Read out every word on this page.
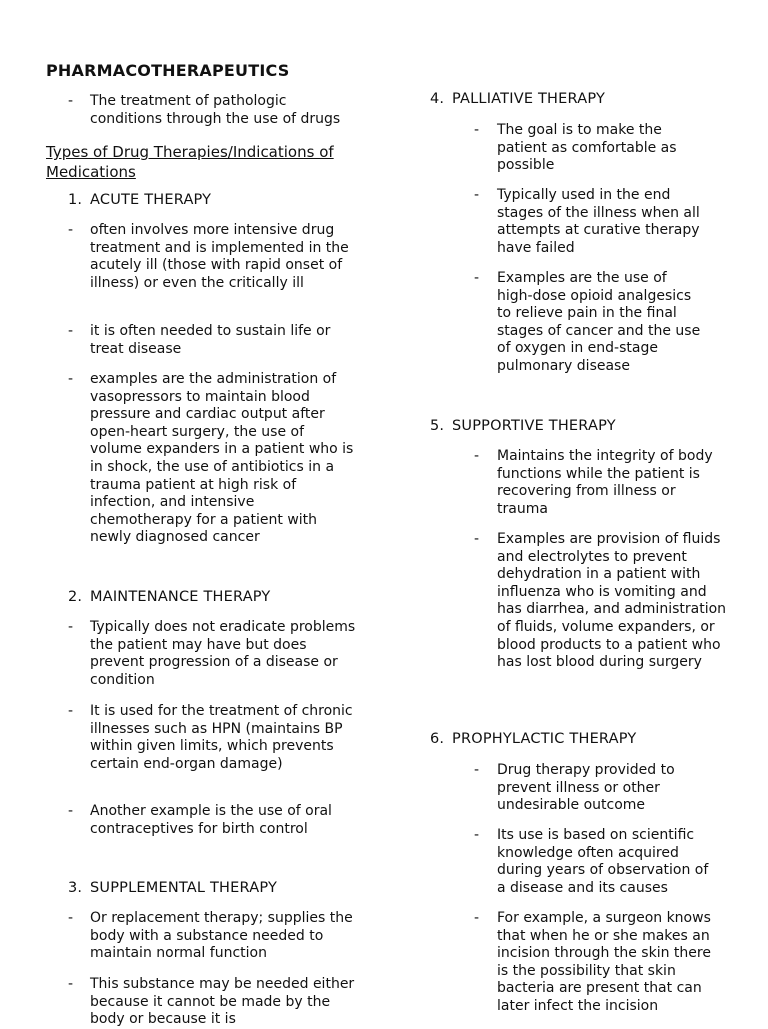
PHARMACOTHERAPEUTICS
- The treatment of pathologic conditions through the use of drugs
Types of Drug Therapies/Indications of Medications
1. ACUTE THERAPY
- often involves more intensive drug treatment and is implemented in the acutely ill (those with rapid onset of illness) or even the critically ill
- it is often needed to sustain life or treat disease
- examples are the administration of vasopressors to maintain blood pressure and cardiac output after open-heart surgery, the use of volume expanders in a patient who is in shock, the use of antibiotics in a trauma patient at high risk of infection, and intensive chemotherapy for a patient with newly diagnosed cancer
2. MAINTENANCE THERAPY
- Typically does not eradicate problems the patient may have but does prevent progression of a disease or condition
- It is used for the treatment of chronic illnesses such as HPN (maintains BP within given limits, which prevents certain end-organ damage)
- Another example is the use of oral contraceptives for birth control
3. SUPPLEMENTAL THERAPY
- Or replacement therapy; supplies the body with a substance needed to maintain normal function
- This substance may be needed either because it cannot be made by the body or because it is
4. PALLIATIVE THERAPY
- The goal is to make the patient as comfortable as possible
- Typically used in the end stages of the illness when all attempts at curative therapy have failed
- Examples are the use of high-dose opioid analgesics to relieve pain in the final stages of cancer and the use of oxygen in end-stage pulmonary disease
5. SUPPORTIVE THERAPY
- Maintains the integrity of body functions while the patient is recovering from illness or trauma
- Examples are provision of fluids and electrolytes to prevent dehydration in a patient with influenza who is vomiting and has diarrhea, and administration of fluids, volume expanders, or blood products to a patient who has lost blood during surgery
6. PROPHYLACTIC THERAPY
- Drug therapy provided to prevent illness or other undesirable outcome
- Its use is based on scientific knowledge often acquired during years of observation of a disease and its causes
- For example, a surgeon knows that when he or she makes an incision through the skin there is the possibility that skin bacteria are present that can later infect the incision
